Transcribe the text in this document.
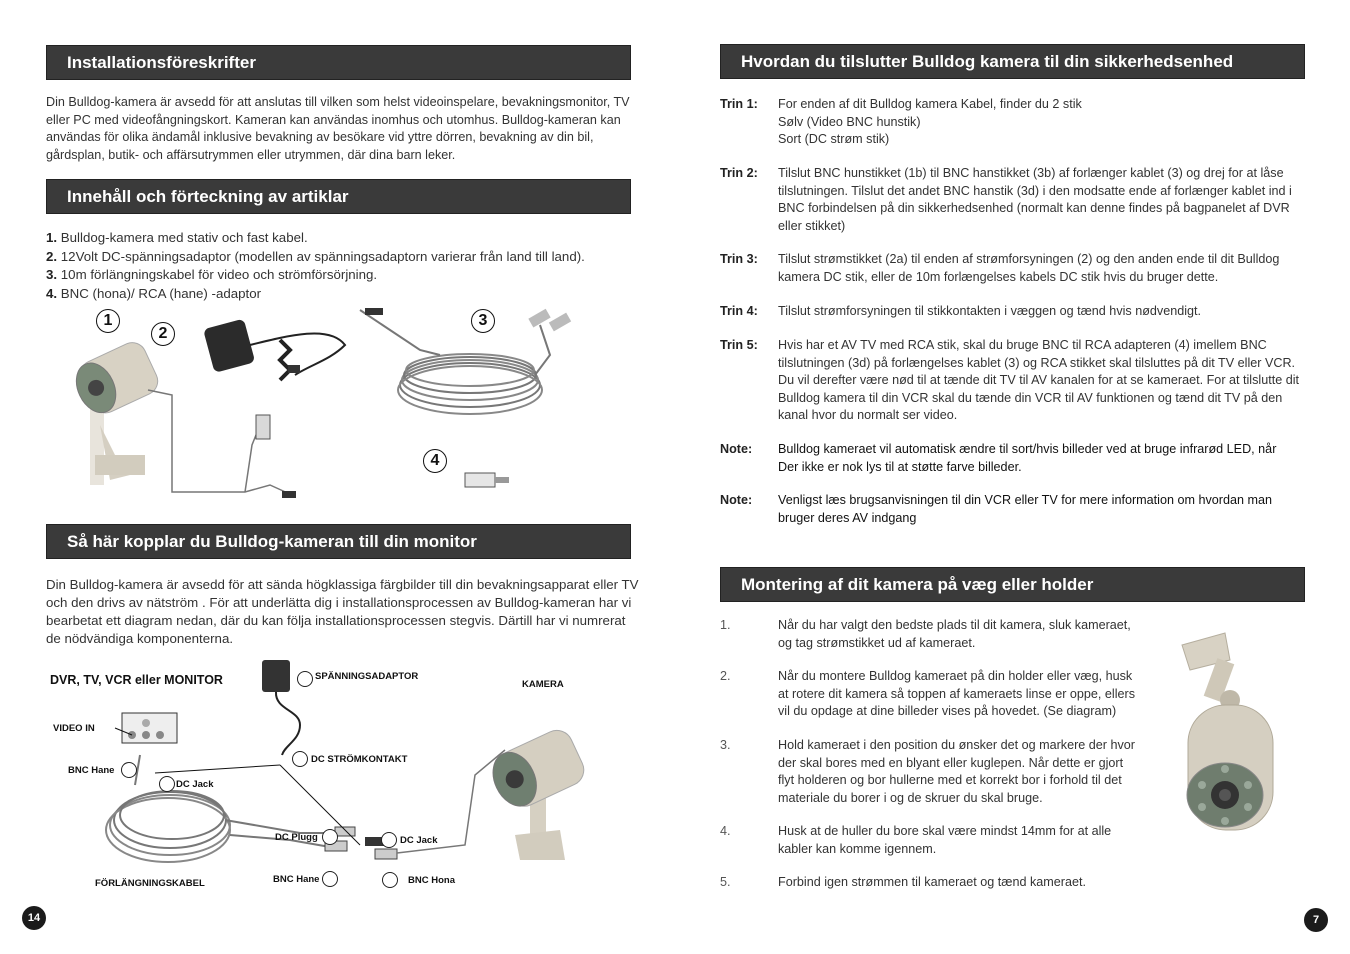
Installationsföreskrifter
Din Bulldog-kamera är avsedd för att anslutas till vilken som helst videoinspelare, bevakningsmonitor, TV
eller PC med videofångningskort. Kameran kan användas inomhus och utomhus. Bulldog-kameran kan
användas för olika ändamål inklusive bevakning av besökare vid yttre dörren, bevakning av din bil,
gårdsplan, butik- och affärsutrymmen eller utrymmen, där dina barn leker.
Innehåll och förteckning av artiklar
1. Bulldog-kamera med stativ och fast kabel.
2. 12Volt DC-spänningsadaptor (modellen av spänningsadaptorn varierar från land till land).
3. 10m förlängningskabel för video och strömförsörjning.
4. BNC (hona)/ RCA (hane) -adaptor
1
2
3
4
Så här kopplar du Bulldog-kameran till din monitor
Din Bulldog-kamera är avsedd för att sända högklassiga färgbilder till din bevakningsapparat eller TV
och den drivs av nätström . För att underlätta dig i installationsprocessen av Bulldog-kameran har vi
bearbetat ett diagram nedan, där du kan följa installationsprocessen stegvis. Därtill har vi numrerat
de nödvändiga komponenterna.
DVR, TV, VCR eller MONITOR	SPÄNNINGSADAPTOR
KAMERA
VIDEO IN
BNC Hane
DC Jack
DC STRÖMKONTAKT
DC Plugg	DC Jack
BNC Hane	BNC Hona
FÖRLÄNGNINGSKABEL
14
Hvordan du tilslutter Bulldog kamera til din sikkerhedsenhed
Trin 1:	For enden af dit Bulldog kamera Kabel, finder du 2 stik
Sølv (Video BNC hunstik)
Sort (DC strøm stik)
Trin 2:	Tilslut BNC hunstikket (1b) til BNC hanstikket (3b) af forlænger kablet (3) og drej for at låse
tilslutningen. Tilslut det andet BNC hanstik (3d) i den modsatte ende af forlænger kablet ind i
BNC forbindelsen på din sikkerhedsenhed (normalt kan denne findes på bagpanelet af DVR
eller stikket)
Trin 3:	Tilslut strømstikket (2a) til enden af strømforsyningen (2) og den anden ende til dit Bulldog
kamera DC stik, eller de 10m forlængelses kabels DC stik hvis du bruger dette.
Trin 4:	Tilslut strømforsyningen til stikkontakten i væggen og tænd hvis nødvendigt.
Trin 5:	Hvis har et AV TV med RCA stik, skal du bruge BNC til RCA adapteren (4) imellem BNC
tilslutningen (3d) på forlængelses kablet (3) og RCA stikket skal tilsluttes på dit TV eller VCR.
Du vil derefter være nød til at tænde dit TV til AV kanalen for at se kameraet. For at tilslutte dit
Bulldog kamera til din VCR skal du tænde din VCR til AV funktionen og tænd dit TV på den
kanal hvor du normalt ser video.
Note:	Bulldog kameraet vil automatisk ændre til sort/hvis billeder ved at bruge infrarød LED, når
Der ikke er nok lys til at støtte farve billeder.
Note:	Venligst læs brugsanvisningen til din VCR eller TV for mere information om hvordan man
bruger deres AV indgang
Montering af dit kamera på væg eller holder
1.	Når du har valgt den bedste plads til dit kamera, sluk kameraet,
og tag strømstikket ud af kameraet.
2.	Når du montere Bulldog kameraet på din holder eller væg, husk
at rotere dit kamera så toppen af kameraets linse er oppe, ellers
vil du opdage at dine billeder vises på hovedet. (Se diagram)
3.	Hold kameraet i den position du ønsker det og markere der hvor
der skal bores med en blyant eller kuglepen. Når dette er gjort
flyt holderen og bor hullerne med et korrekt bor i forhold til det
materiale du borer i og de skruer du skal bruge.
4.	Husk at de huller du bore skal være mindst 14mm for at alle
kabler kan komme igennem.
5.	Forbind igen strømmen til kameraet og tænd kameraet.
7
